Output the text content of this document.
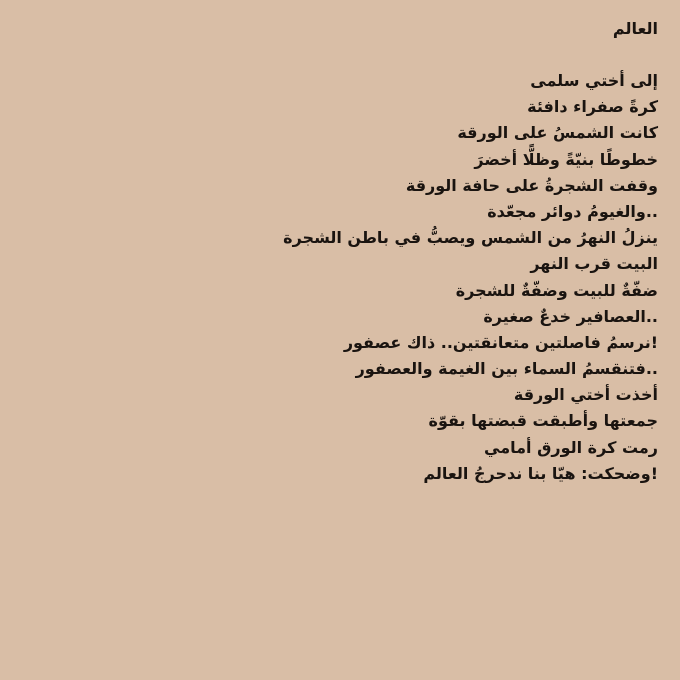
العالم
إلى أختي سلمى
كرةً صفراء دافئة
كانت الشمسُ على الورقة
خطوطًا بنيّةً وظلًّا أخضرَ
وقفت الشجرةُ على حافة الورقة
..والغيومُ دوائر مجعّدة
ينزلُ النهرُ من الشمس ويصبُّ في باطن الشجرة
البيت قرب النهر
ضفّةٌ للبيت وضفّةٌ للشجرة
..العصافير خدعٌ صغيرة
!نرسمُ فاصلتين متعانقتين.. ذاك عصفور
..فتنقسمُ السماء بين الغيمة والعصفور
أخذت أختي الورقة
جمعتها وأطبقت قبضتها بقوّة
رمت كرة الورق أمامي
!وضحكت: هيّا بنا ندحرجُ العالم
